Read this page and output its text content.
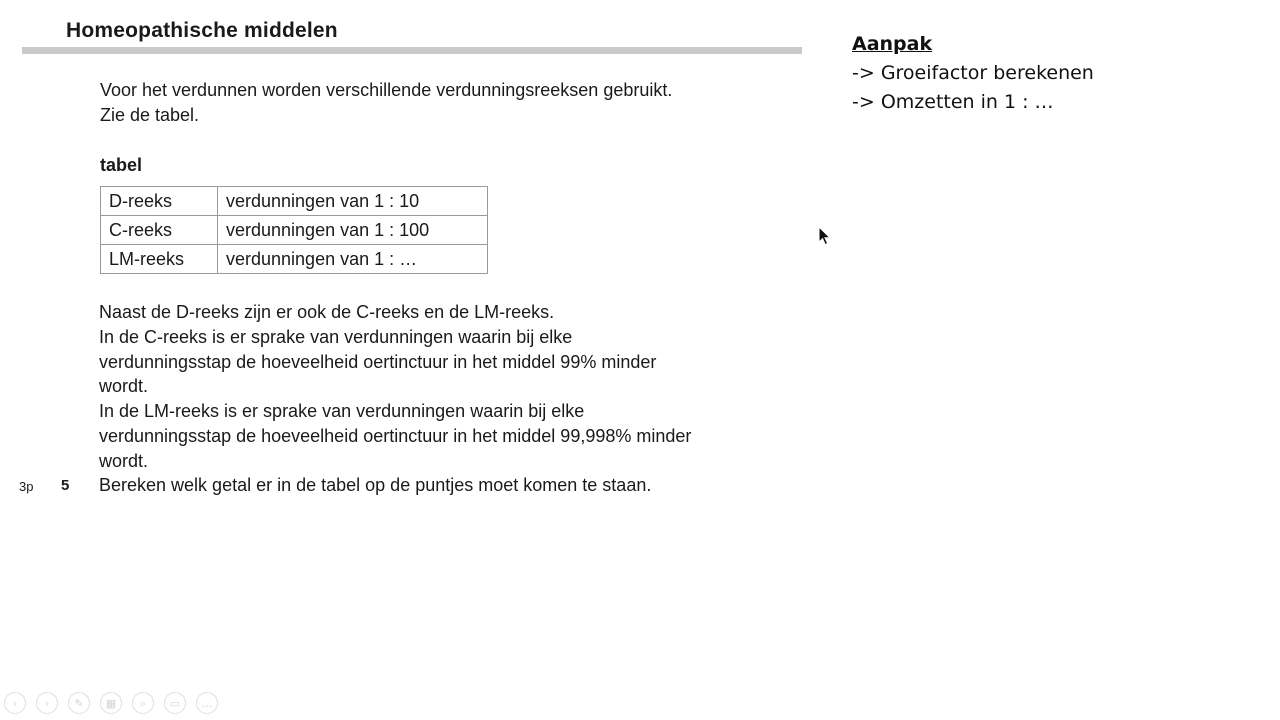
Homeopathische middelen

Voor het verdunnen worden verschillende verdunningsreeksen gebruikt.

Zie de tabel.

tabel
D-reeks	verdunningen van 1 : 10
C-reeks	verdunningen van 1 : 100
LM-reeks	verdunningen van 1 : …

Naast de D-reeks zijn er ook de C-reeks en de LM-reeks.

In de C-reeks is er sprake van verdunningen waarin bij elke

verdunningsstap de hoeveelheid oertinctuur in het middel 99% minder

wordt.

In de LM-reeks is er sprake van verdunningen waarin bij elke

verdunningsstap de hoeveelheid oertinctuur in het middel 99,998% minder

wordt.

3p 5 Bereken welk getal er in de tabel op de puntjes moet komen te staan.
Aanpak
-> Groeifactor berekenen
-> Omzetten in 1 : …
‹	›	✎	▦	⌕	▭	…
